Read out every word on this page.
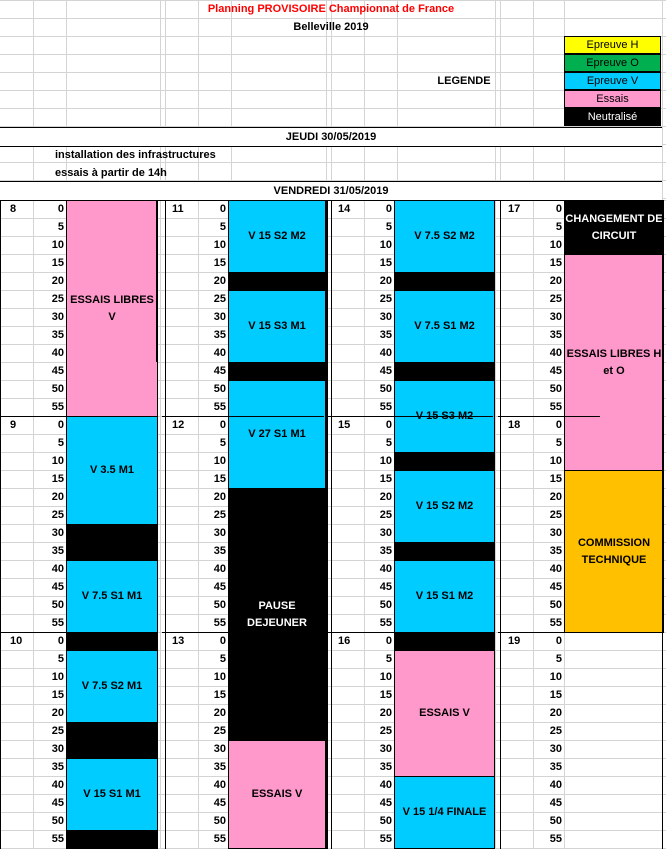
Planning PROVISOIRE Championnat de France
Belleville 2019
LEGENDE
Epreuve H
Epreuve O
Epreuve V
Essais
Neutralisé
JEUDI 30/05/2019
installation des infrastructures
essais à partir de 14h
VENDREDI 31/05/2019
8
9
10
0
5
10
15
20
25
30
35
40
45
50
55
0
5
10
15
20
25
30
35
40
45
50
55
0
5
10
15
20
25
30
35
40
45
50
55
ESSAIS LIBRES V
V 3.5 M1
V 7.5 S1 M1
V 7.5 S2 M1
V 15 S1 M1
11
12
13
0
5
10
15
20
25
30
35
40
45
50
55
0
5
10
15
20
25
30
35
40
45
50
55
0
5
10
15
20
25
30
35
40
45
50
55
V 15 S2 M2
V 15 S3 M1
V 27 S1 M1
PAUSE DEJEUNER
ESSAIS V
14
15
16
0
5
10
15
20
25
30
35
40
45
50
55
0
5
10
15
20
25
30
35
40
45
50
55
0
5
10
15
20
25
30
35
40
45
50
55
V 7.5 S2 M2
V 7.5 S1 M2
V 15 S3 M2
V 15 S2 M2
V 15 S1 M2
ESSAIS V
V 15 1/4 FINALE
17
18
19
0
5
10
15
20
25
30
35
40
45
50
55
0
5
10
15
20
25
30
35
40
45
50
55
0
5
10
15
20
25
30
35
40
45
50
55
CHANGEMENT DE CIRCUIT
ESSAIS LIBRES H et O
COMMISSION TECHNIQUE
